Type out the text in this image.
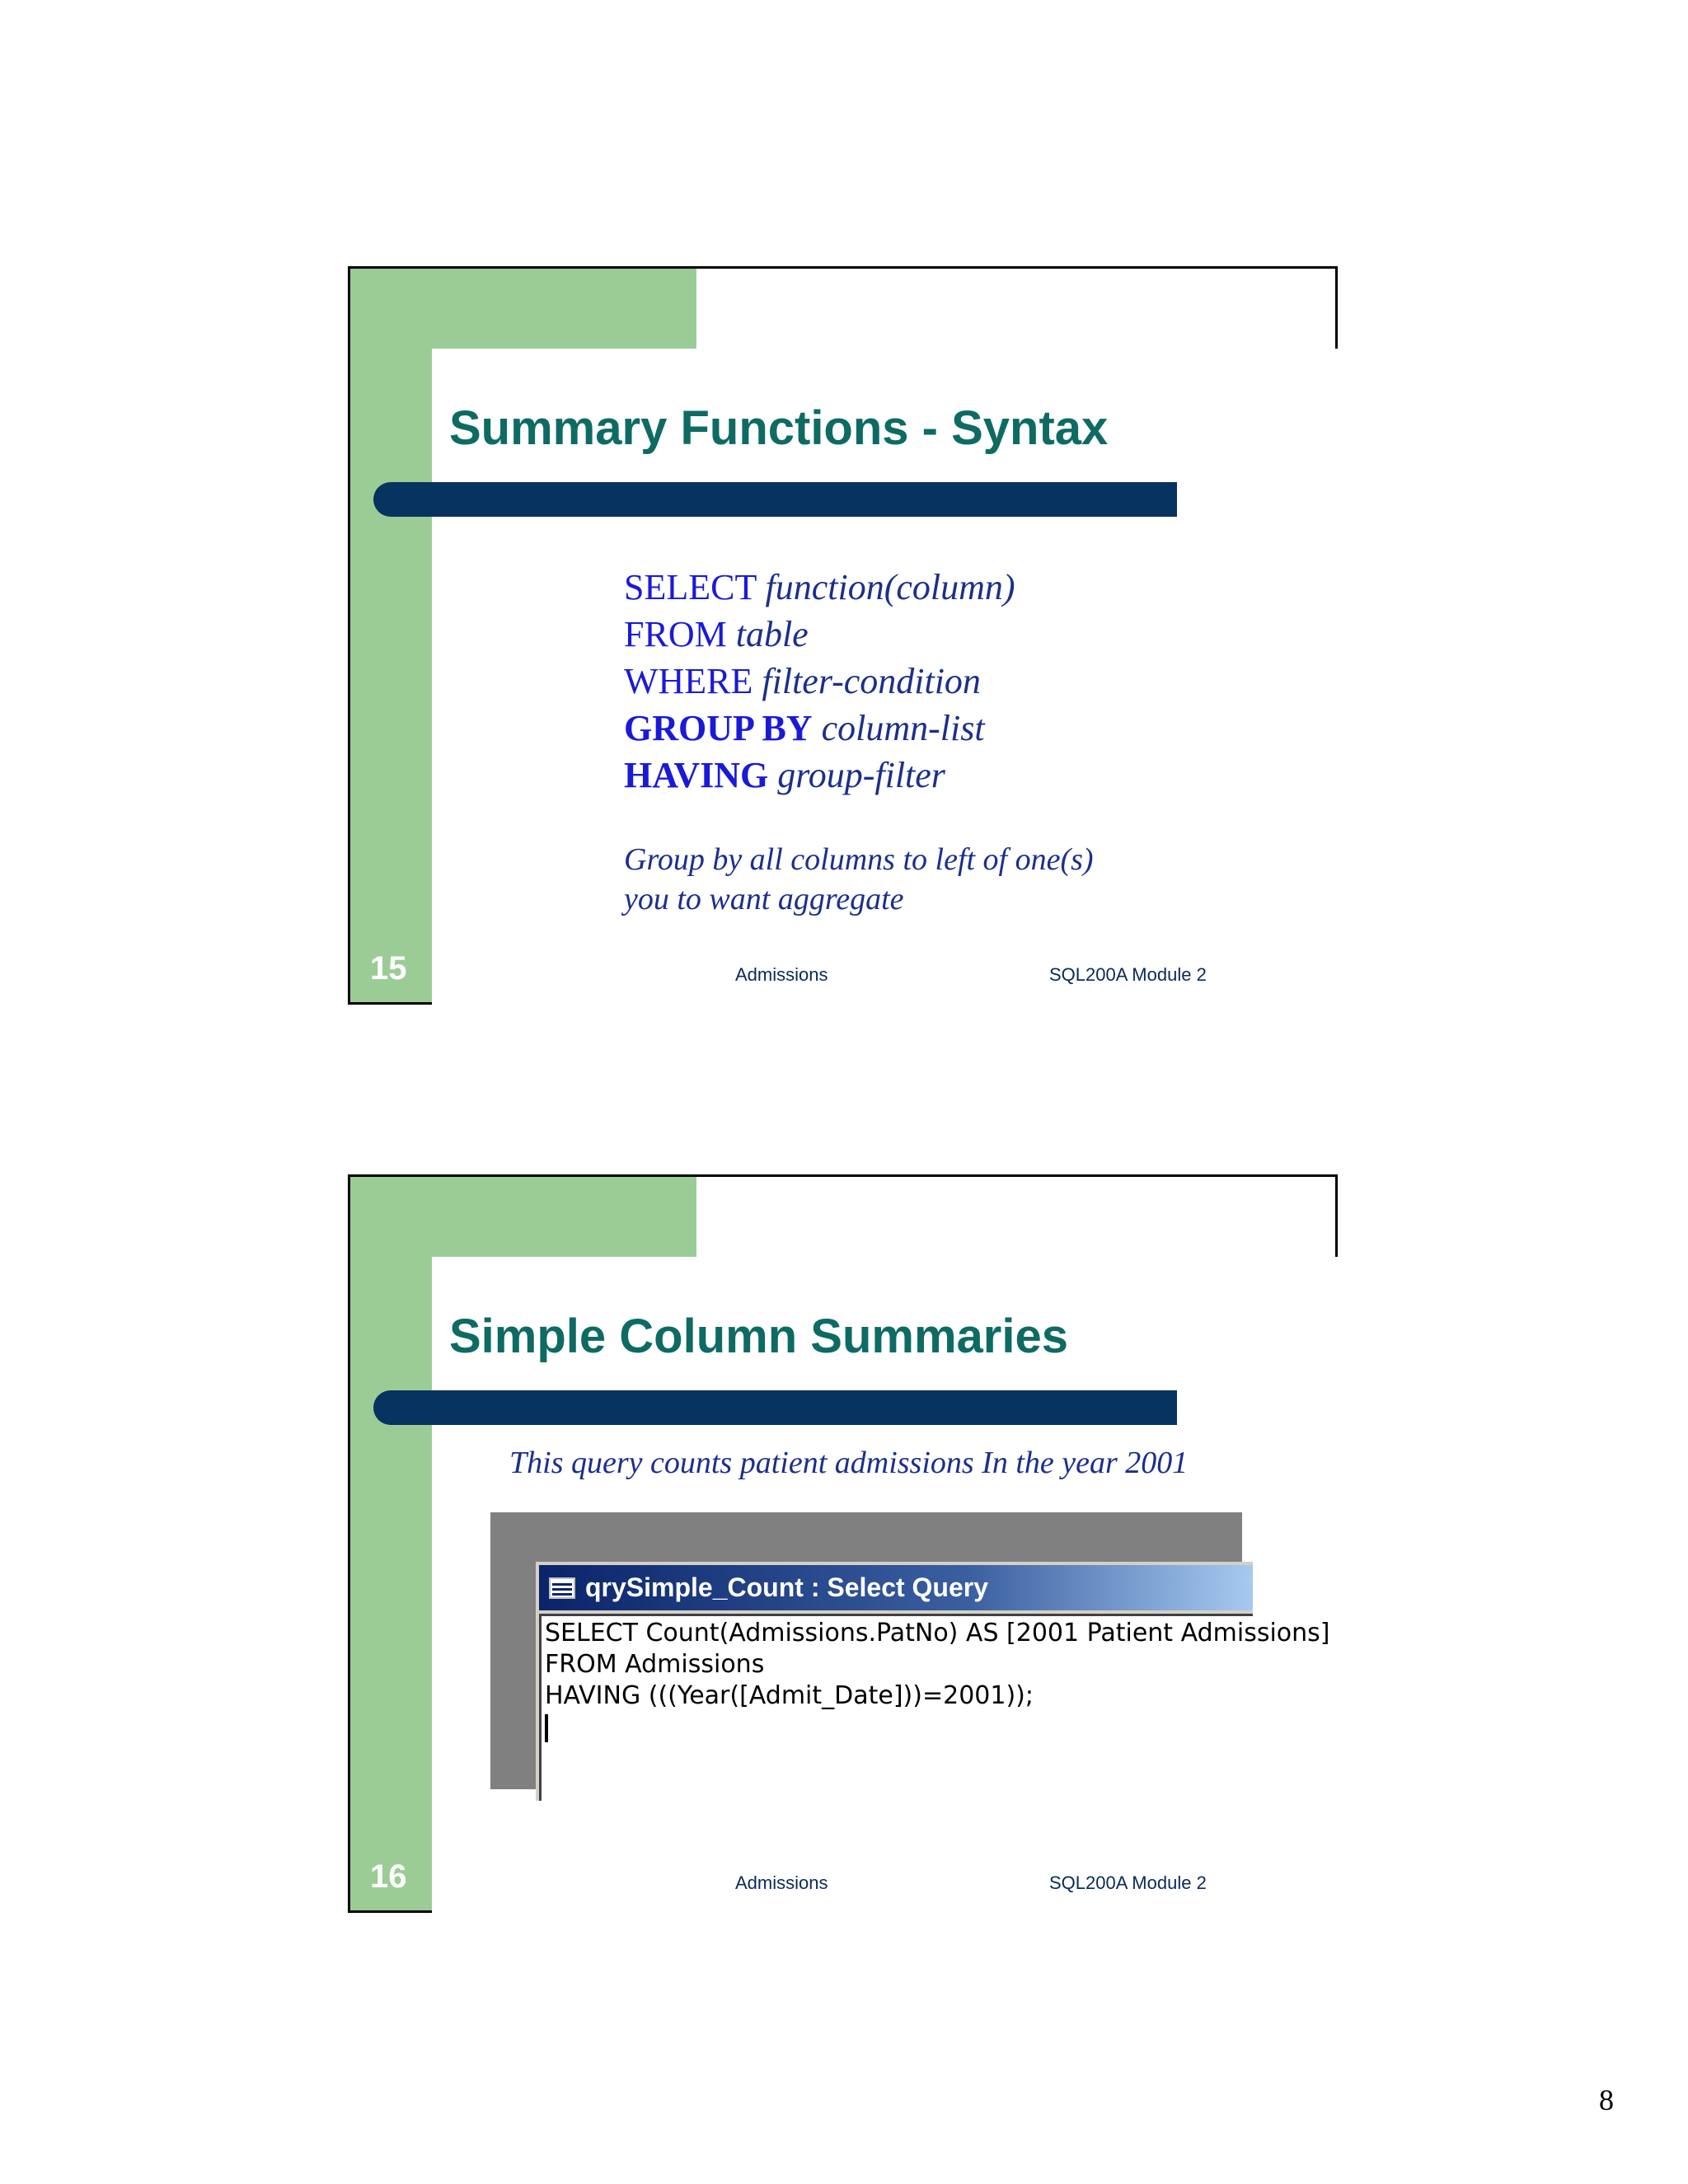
Summary Functions - Syntax
SELECT function(column)
FROM table
WHERE filter-condition
GROUP BY column-list
HAVING group-filter
Group by all columns to left of one(s)
you to want aggregate
15	Admissions	SQL200A Module 2
Simple Column Summaries
This query counts patient admissions In the year 2001
qrySimple_Count : Select Query
SELECT Count(Admissions.PatNo) AS [2001 Patient Admissions]
FROM Admissions
HAVING (((Year([Admit_Date]))=2001));
16	Admissions	SQL200A Module 2
8
